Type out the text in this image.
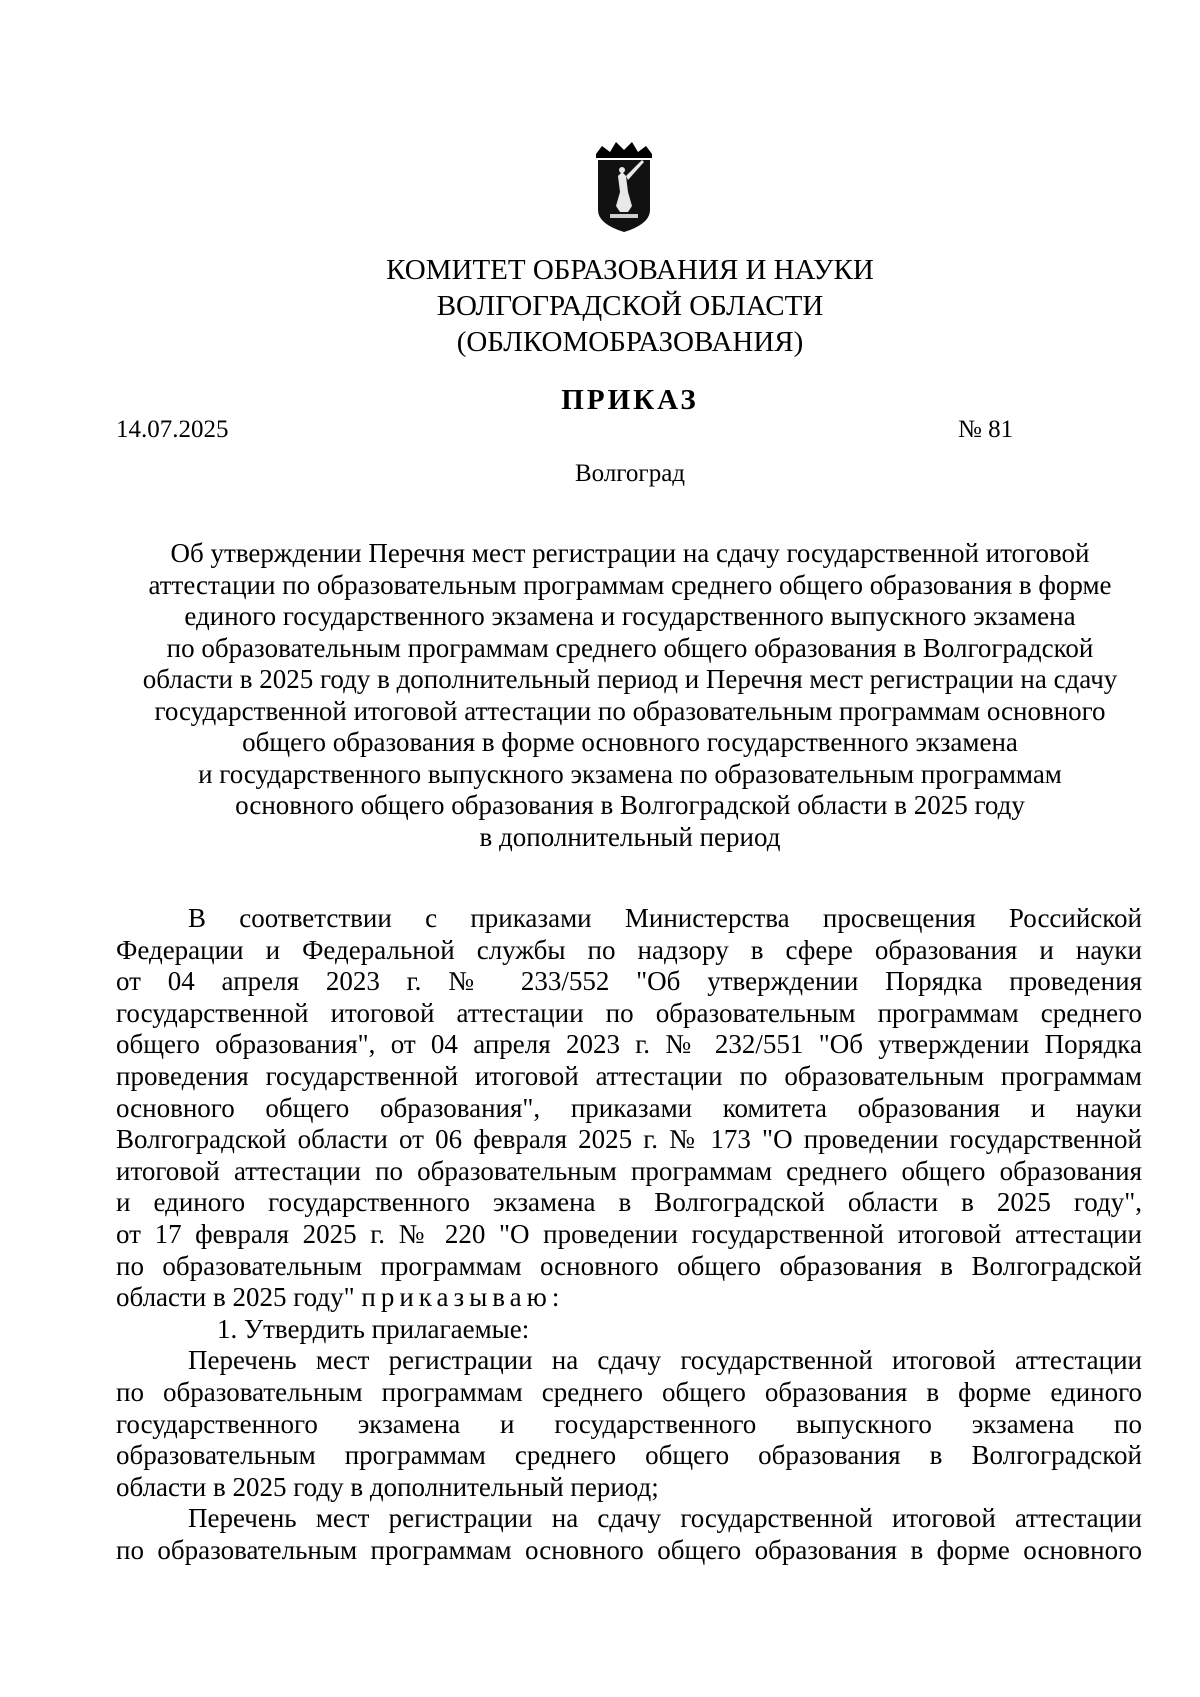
КОМИТЕТ ОБРАЗОВАНИЯ И НАУКИ
ВОЛГОГРАДСКОЙ ОБЛАСТИ
(ОБЛКОМОБРАЗОВАНИЯ)
ПРИКАЗ
14.07.2025	№ 81
Волгоград
Об утверждении Перечня мест регистрации на сдачу государственной итоговой
аттестации по образовательным программам среднего общего образования в форме
единого государственного экзамена и государственного выпускного экзамена
по образовательным программам среднего общего образования в Волгоградской
области в 2025 году в дополнительный период и Перечня мест регистрации на сдачу
государственной итоговой аттестации по образовательным программам основного
общего образования в форме основного государственного экзамена
и государственного выпускного экзамена по образовательным программам
основного общего образования в Волгоградской области в 2025 году
в дополнительный период
В соответствии с приказами Министерства просвещения Российской
Федерации и Федеральной службы по надзору в сфере образования и науки
от 04 апреля 2023 г. № 233/552 "Об утверждении Порядка проведения
государственной итоговой аттестации по образовательным программам среднего
общего образования", от 04 апреля 2023 г. № 232/551 "Об утверждении Порядка
проведения государственной итоговой аттестации по образовательным программам
основного общего образования", приказами комитета образования и науки
Волгоградской области от 06 февраля 2025 г. № 173 "О проведении государственной
итоговой аттестации по образовательным программам среднего общего образования
и единого государственного экзамена в Волгоградской области в 2025 году",
от 17 февраля 2025 г. № 220 "О проведении государственной итоговой аттестации
по образовательным программам основного общего образования в Волгоградской
области в 2025 году" приказываю:
1. Утвердить прилагаемые:
Перечень мест регистрации на сдачу государственной итоговой аттестации
по образовательным программам среднего общего образования в форме единого
государственного экзамена и государственного выпускного экзамена по
образовательным программам среднего общего образования в Волгоградской
области в 2025 году в дополнительный период;
Перечень мест регистрации на сдачу государственной итоговой аттестации
по образовательным программам основного общего образования в форме основного
